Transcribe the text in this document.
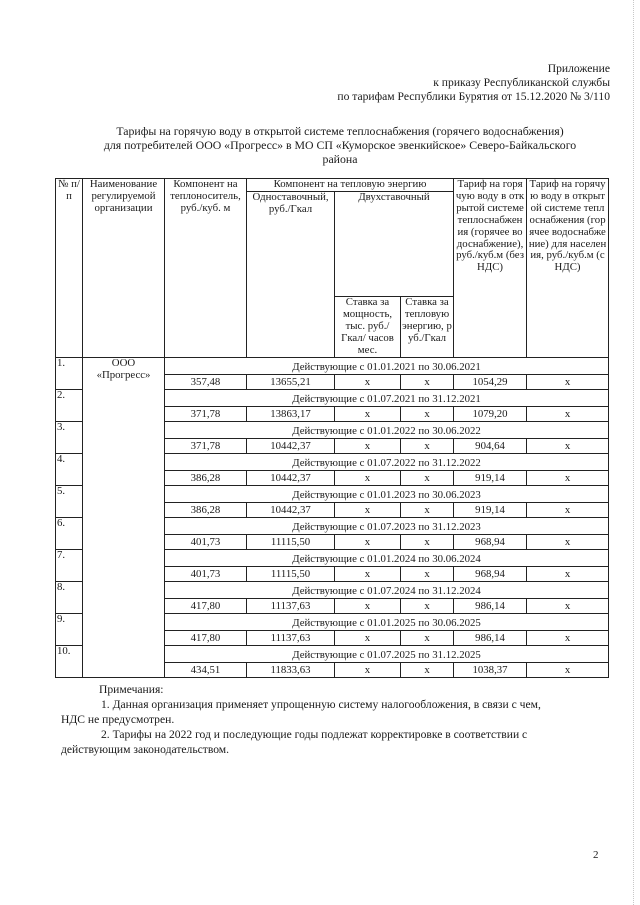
Приложение
к приказу Республиканской службы
по тарифам Республики Бурятия от 15.12.2020 № 3/110
Тарифы на горячую воду в открытой системе теплоснабжения (горячего водоснабжения)
для потребителей ООО «Прогресс» в МО СП «Куморское эвенкийское» Северо-Байкальского
района
№ п/п	Наименование регулируемой организации	Компонент на теплоноситель, руб./куб. м	Компонент на тепловую энергию			Тариф на горячую воду в открытой системе теплоснабжения (горячее водоснабжение), руб./куб.м (без НДС)	Тариф на горячую воду в открытой системе теплоснабжения (горячее водоснабжение) для населения, руб./куб.м (с НДС)
			Одноставочный, руб./Гкал	Двухставочный			
				Ставка за мощность, тыс. руб./Гкал/ часов мес.	Ставка за тепловую энергию, руб./Гкал		
1.	ООО «Прогресс»	Действующие с 01.01.2021 по 30.06.2021					
		357,48	13655,21	х	х	1054,29	х
2.		Действующие с 01.07.2021 по 31.12.2021					
		371,78	13863,17	х	х	1079,20	х
3.		Действующие с 01.01.2022 по 30.06.2022					
		371,78	10442,37	х	х	904,64	х
4.		Действующие с 01.07.2022 по 31.12.2022					
		386,28	10442,37	х	х	919,14	х
5.		Действующие с 01.01.2023 по 30.06.2023					
		386,28	10442,37	х	х	919,14	х
6.		Действующие с 01.07.2023 по 31.12.2023					
		401,73	11115,50	х	х	968,94	х
7.		Действующие с 01.01.2024 по 30.06.2024					
		401,73	11115,50	х	х	968,94	х
8.		Действующие с 01.07.2024 по 31.12.2024					
		417,80	11137,63	х	х	986,14	х
9.		Действующие с 01.01.2025 по 30.06.2025					
		417,80	11137,63	х	х	986,14	х
10.		Действующие с 01.07.2025 по 31.12.2025					
		434,51	11833,63	х	х	1038,37	х

Примечания:

1. Данная организация применяет упрощенную систему налогообложения, в связи с чем,

НДС не предусмотрен.

2. Тарифы на 2022 год и последующие годы подлежат корректировке в соответствии с

действующим законодательством.

2
